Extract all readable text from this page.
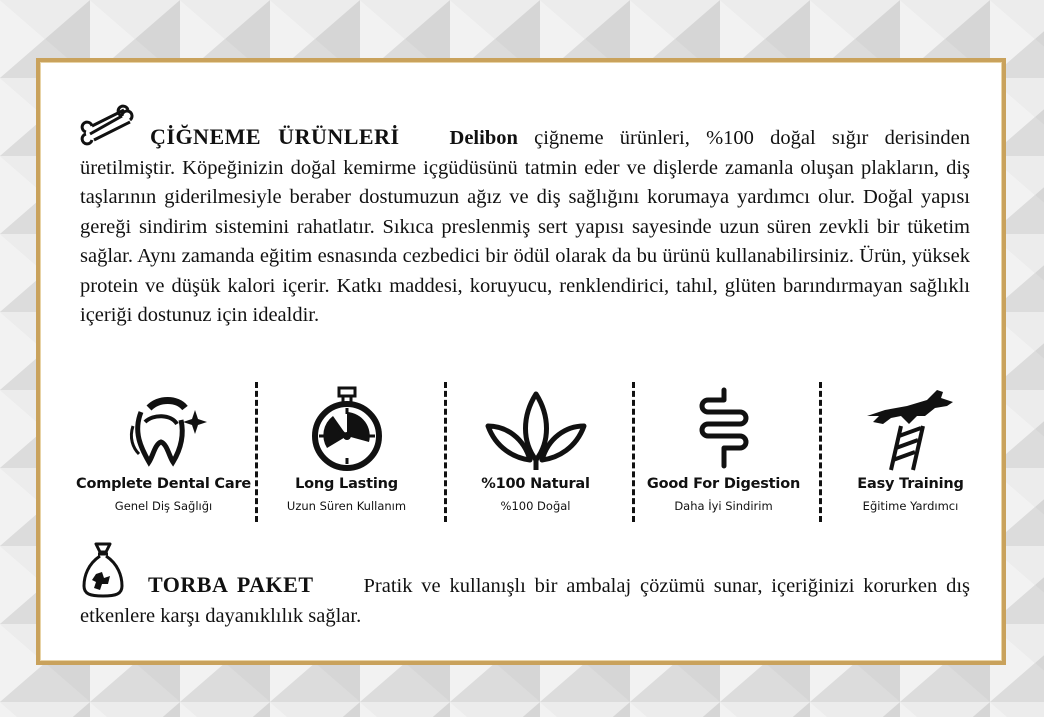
ÇİĞNEME ÜRÜNLERİ Delibon çiğneme ürünleri, %100 doğal sığır derisinden üretilmiştir. Köpeğinizin doğal kemirme içgüdüsünü tatmin eder ve dişlerde zamanla oluşan plakların, diş taşlarının giderilmesiyle beraber dostumuzun ağız ve diş sağlığını korumaya yardımcı olur. Doğal yapısı gereği sindirim sistemini rahatlatır. Sıkıca preslenmiş sert yapısı sayesinde uzun süren zevkli bir tüketim sağlar. Aynı zamanda eğitim esnasında cezbedici bir ödül olarak da bu ürünü kullanabilirsiniz. Ürün, yüksek protein ve düşük kalori içerir. Katkı maddesi, koruyucu, renklendirici, tahıl, glüten barındırmayan sağlıklı içeriği dostunuz için idealdir.
Complete Dental Care
Genel Diş Sağlığı
Long Lasting
Uzun Süren Kullanım
%100 Natural
%100 Doğal
Good For Digestion
Daha İyi Sindirim
Easy Training
Eğitime Yardımcı
TORBA PAKET Pratik ve kullanışlı bir ambalaj çözümü sunar, içeriğinizi korurken dış etkenlere karşı dayanıklılık sağlar.
